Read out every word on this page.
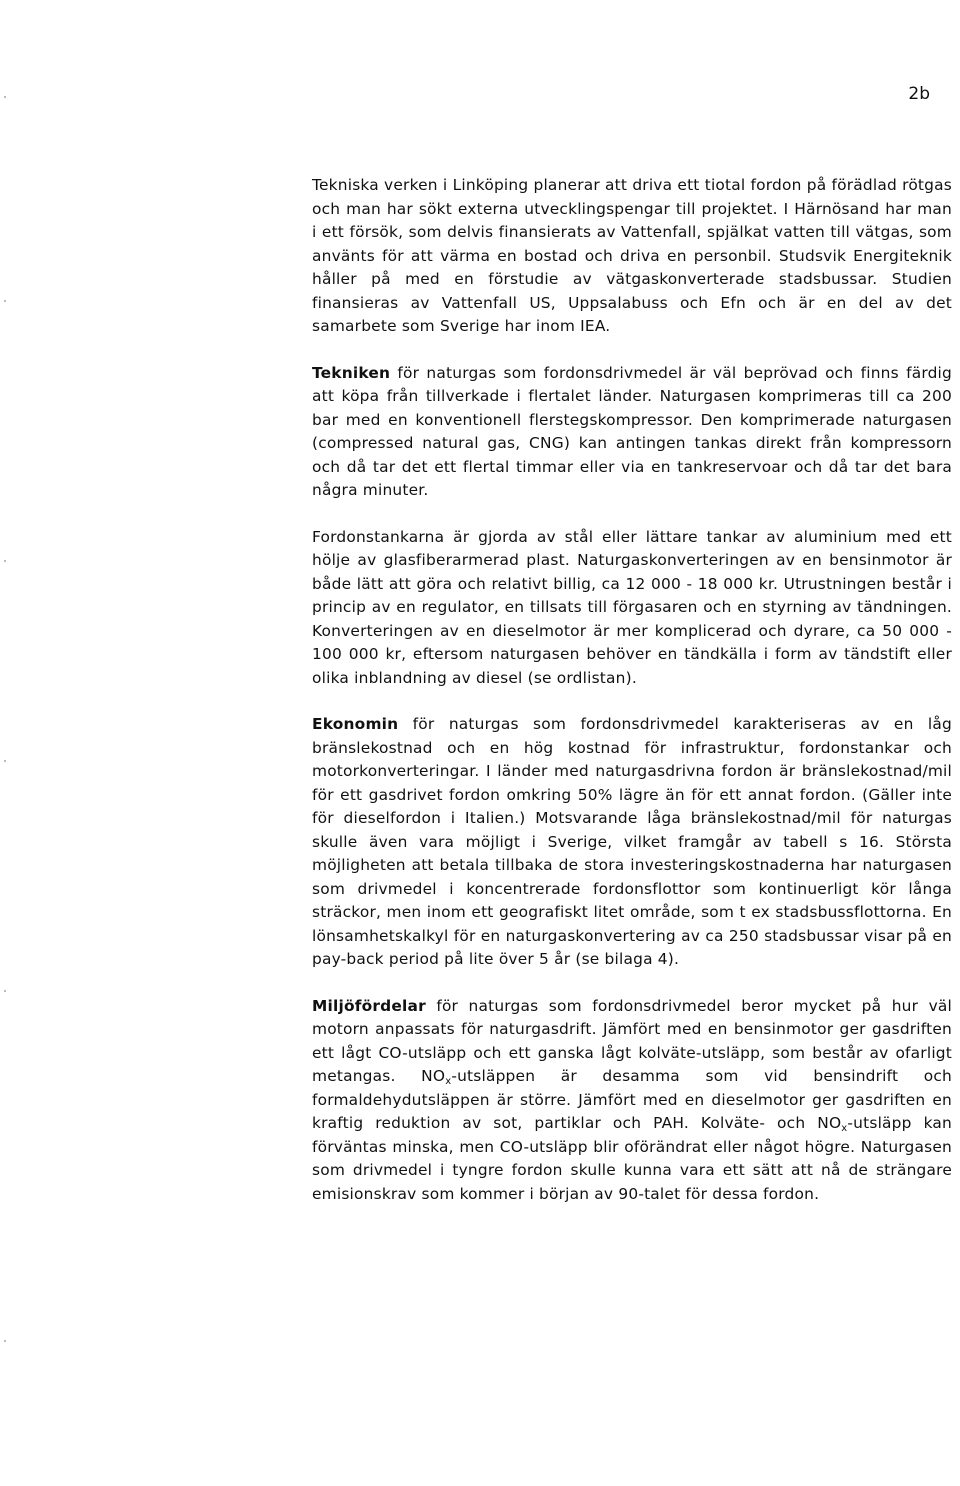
2b

Tekniska verken i Linköping planerar att driva ett tiotal fordon på förädlad rötgas och man har sökt externa utvecklingspengar till projektet. I Härnösand har man i ett försök, som delvis finansierats av Vattenfall, spjälkat vatten till vätgas, som använts för att värma en bostad och driva en personbil. Studsvik Energiteknik håller på med en förstudie av vätgaskonverterade stadsbussar. Studien finansieras av Vattenfall US, Uppsalabuss och Efn och är en del av det samarbete som Sverige har inom IEA.

Tekniken för naturgas som fordonsdrivmedel är väl beprövad och finns färdig att köpa från tillverkade i flertalet länder. Naturgasen komprimeras till ca 200 bar med en konventionell flerstegskompressor. Den komprimerade naturgasen (compressed natural gas, CNG) kan antingen tankas direkt från kompressorn och då tar det ett flertal timmar eller via en tankreservoar och då tar det bara några minuter.

Fordonstankarna är gjorda av stål eller lättare tankar av aluminium med ett hölje av glasfiberarmerad plast. Naturgaskonverteringen av en bensinmotor är både lätt att göra och relativt billig, ca 12 000 - 18 000 kr. Utrustningen består i princip av en regulator, en tillsats till förgasaren och en styrning av tändningen. Konverteringen av en dieselmotor är mer komplicerad och dyrare, ca 50 000 - 100 000 kr, eftersom naturgasen behöver en tändkälla i form av tändstift eller olika inblandning av diesel (se ordlistan).

Ekonomin för naturgas som fordonsdrivmedel karakteriseras av en låg bränslekostnad och en hög kostnad för infrastruktur, fordonstankar och motorkonverteringar. I länder med naturgasdrivna fordon är bränslekostnad/mil för ett gasdrivet fordon omkring 50% lägre än för ett annat fordon. (Gäller inte för dieselfordon i Italien.) Motsvarande låga bränslekostnad/mil för naturgas skulle även vara möjligt i Sverige, vilket framgår av tabell s 16. Största möjligheten att betala tillbaka de stora investeringskostnaderna har naturgasen som drivmedel i koncentrerade fordonsflottor som kontinuerligt kör långa sträckor, men inom ett geografiskt litet område, som t ex stadsbussflottorna. En lönsamhetskalkyl för en naturgaskonvertering av ca 250 stadsbussar visar på en pay-back period på lite över 5 år (se bilaga 4).

Miljöfördelar för naturgas som fordonsdrivmedel beror mycket på hur väl motorn anpassats för naturgasdrift. Jämfört med en bensinmotor ger gasdriften ett lågt CO-utsläpp och ett ganska lågt kolväte-utsläpp, som består av ofarligt metangas. $NO_x$-utsläppen är desamma som vid bensindrift och formaldehydutsläppen är större. Jämfört med en dieselmotor ger gasdriften en kraftig reduktion av sot, partiklar och PAH. Kolväte- och $NO_x$-utsläpp kan förväntas minska, men CO-utsläpp blir oförändrat eller något högre. Naturgasen som drivmedel i tyngre fordon skulle kunna vara ett sätt att nå de strängare emisionskrav som kommer i början av 90-talet för dessa fordon.
